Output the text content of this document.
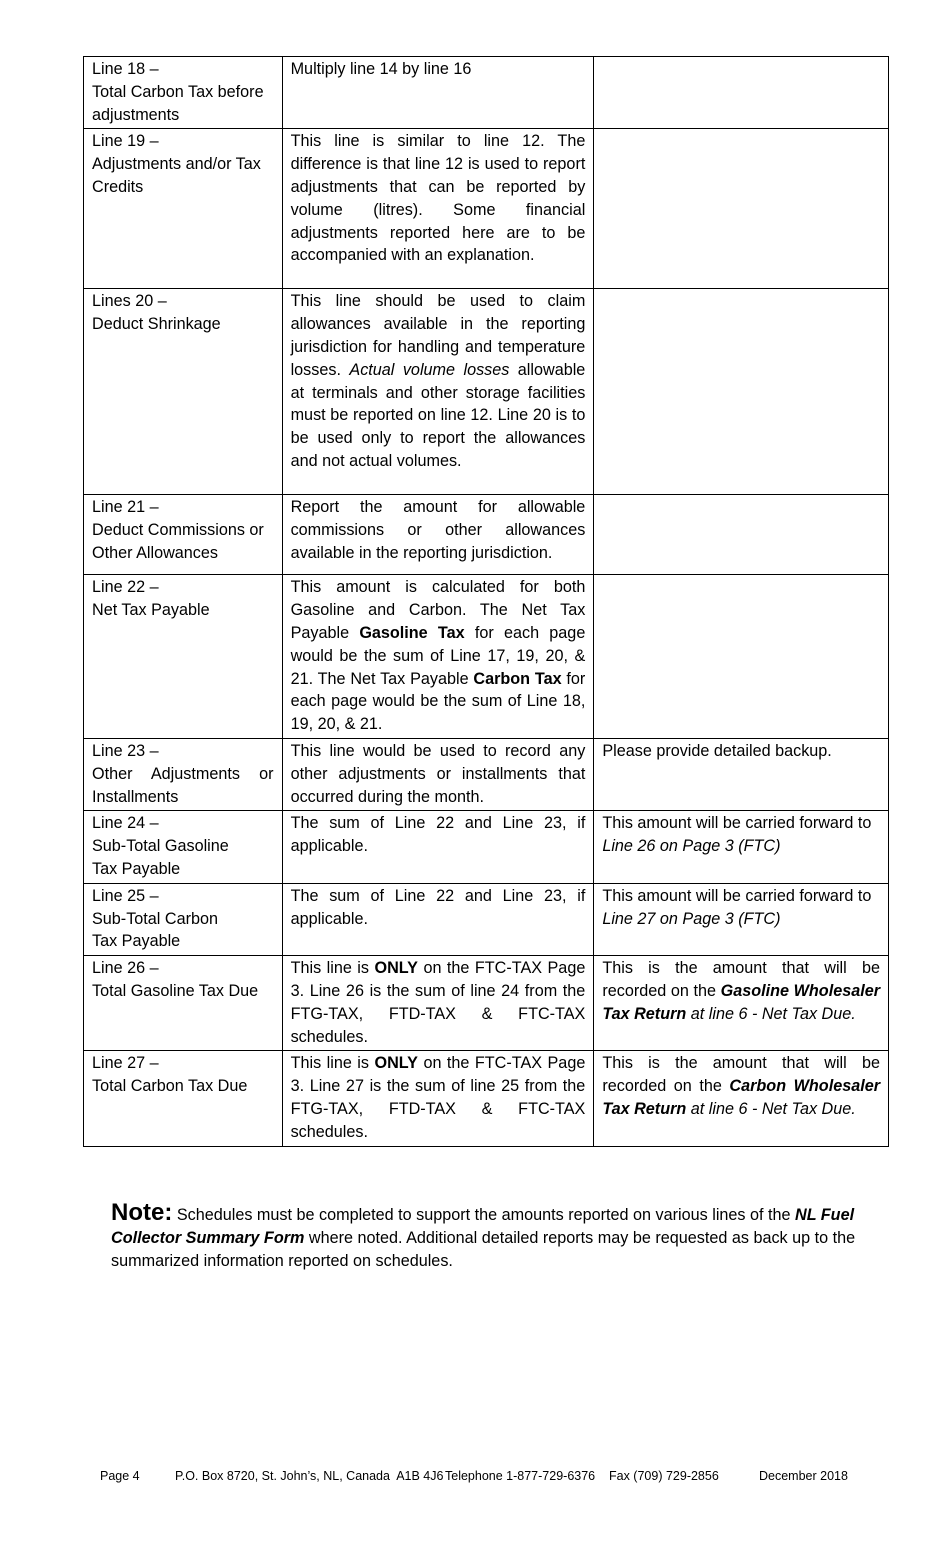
Line 18 –
Total Carbon Tax before adjustments	Multiply line 14 by line 16	

Line 19 –
Adjustments and/or Tax Credits	This line is similar to line 12. The difference is that line 12 is used to report adjustments that can be reported by volume (litres). Some financial adjustments reported here are to be accompanied with an explanation.	

Lines 20 –
Deduct Shrinkage	This line should be used to claim allowances available in the reporting jurisdiction for handling and temperature losses. Actual volume losses allowable at terminals and other storage facilities must be reported on line 12. Line 20 is to be used only to report the allowances and not actual volumes.	

Line 21 –
Deduct Commissions or Other Allowances	Report the amount for allowable commissions or other allowances available in the reporting jurisdiction.	

Line 22 –
Net Tax Payable	This amount is calculated for both Gasoline and Carbon. The Net Tax Payable Gasoline Tax for each page would be the sum of Line 17, 19, 20, & 21. The Net Tax Payable Carbon Tax for each page would be the sum of Line 18, 19, 20, & 21.	

Line 23 –
Other Adjustments or Installments	This line would be used to record any other adjustments or installments that occurred during the month.	Please provide detailed backup.

Line 24 –
Sub-Total Gasoline Tax Payable	The sum of Line 22 and Line 23, if applicable.	This amount will be carried forward to Line 26 on Page 3 (FTC)

Line 25 –
Sub-Total Carbon Tax Payable	The sum of Line 22 and Line 23, if applicable.	This amount will be carried forward to Line 27 on Page 3 (FTC)

Line 26 –
Total Gasoline Tax Due	This line is ONLY on the FTC-TAX Page 3. Line 26 is the sum of line 24 from the FTG-TAX, FTD-TAX & FTC-TAX schedules.	This is the amount that will be recorded on the Gasoline Wholesaler Tax Return at line 6 - Net Tax Due.

Line 27 –
Total Carbon Tax Due	This line is ONLY on the FTC-TAX Page 3. Line 27 is the sum of line 25 from the FTG-TAX, FTD-TAX & FTC-TAX schedules.	This is the amount that will be recorded on the Carbon Wholesaler Tax Return at line 6 - Net Tax Due.
Note: Schedules must be completed to support the amounts reported on various lines of the NL Fuel Collector Summary Form where noted. Additional detailed reports may be requested as back up to the summarized information reported on schedules.
Page 4	P.O. Box 8720, St. John’s, NL, Canada  A1B 4J6 Telephone 1-877-729-6376 Fax (709) 729-2856	December 2018
